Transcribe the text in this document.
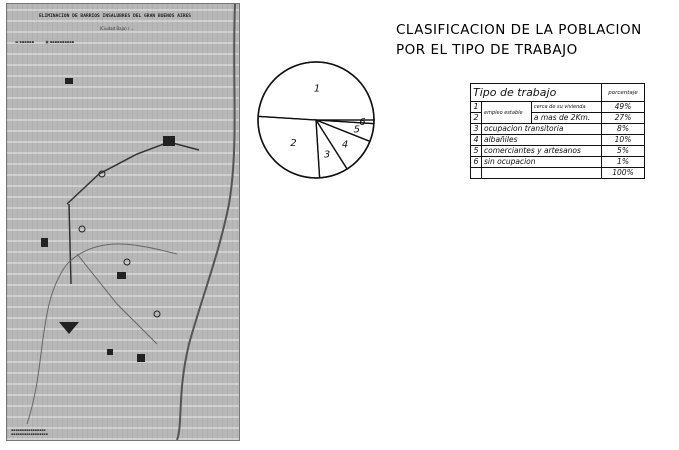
ELIMINACION DE BARRIOS INSALUBRES DEL GRAN BUENOS AIRES
(Ciudad Baja) / ...
▬ ▪▪▪▪▪▪	▣ ▪▪▪▪▪▪▪▪▪▪
▪▪▪▪▪▪▪▪▪▪▪▪▪▪▪▪
▪▪▪▪▪▪▪▪▪▪▪▪▪▪▪▪▪
1
2
3
4
5
6
CLASIFICACION DE LA POBLACION
POR EL TIPO DE TRABAJO
Tipo de trabajo			porcentaje
1	empleo estable	cerca de su vivienda	49%
2		a mas de 2Km.	27%
3	ocupacion transitoria		8%
4	albañiles		10%
5	comerciantes y artesanos		5%
6	sin ocupacion		1%
			100%
